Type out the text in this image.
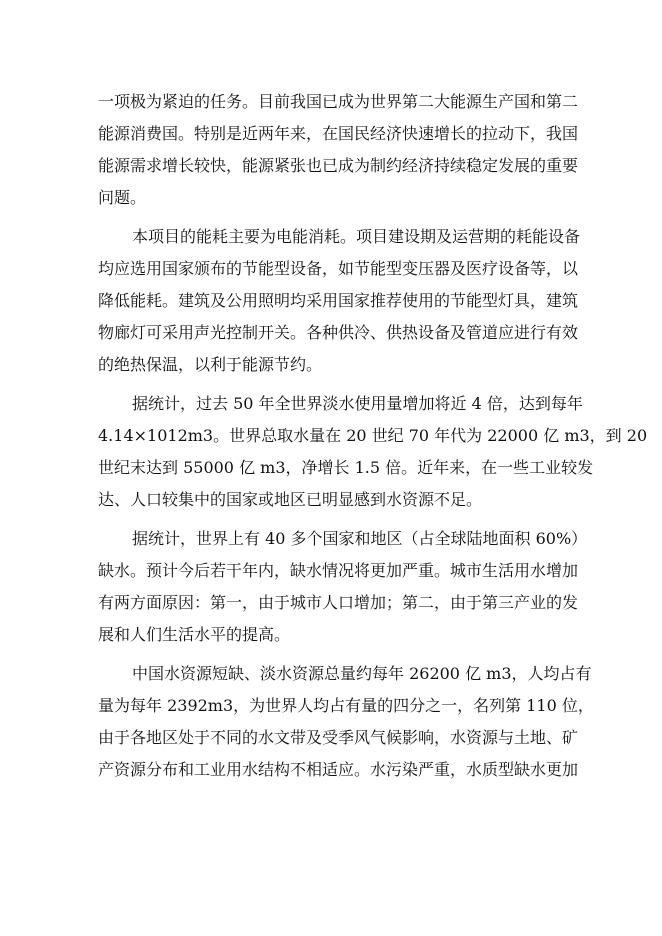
一项极为紧迫的任务。目前我国已成为世界第二大能源生产国和第二
能源消费国。特别是近两年来，在国民经济快速增长的拉动下，我国
能源需求增长较快，能源紧张也已成为制约经济持续稳定发展的重要
问题。
本项目的能耗主要为电能消耗。项目建设期及运营期的耗能设备
均应选用国家颁布的节能型设备，如节能型变压器及医疗设备等，以
降低能耗。建筑及公用照明均采用国家推荐使用的节能型灯具，建筑
物廊灯可采用声光控制开关。各种供冷、供热设备及管道应进行有效
的绝热保温，以利于能源节约。
据统计，过去 50 年全世界淡水使用量增加将近 4 倍，达到每年
4.14×1012m3。世界总取水量在 20 世纪 70 年代为 22000 亿 m3，到 20
世纪末达到 55000 亿 m3，净增长 1.5 倍。近年来，在一些工业较发
达、人口较集中的国家或地区已明显感到水资源不足。
据统计，世界上有 40 多个国家和地区（占全球陆地面积 60%）
缺水。预计今后若干年内，缺水情况将更加严重。城市生活用水增加
有两方面原因：第一，由于城市人口增加；第二，由于第三产业的发
展和人们生活水平的提高。
中国水资源短缺、淡水资源总量约每年 26200 亿 m3，人均占有
量为每年 2392m3，为世界人均占有量的四分之一，名列第 110 位，
由于各地区处于不同的水文带及受季风气候影响，水资源与土地、矿
产资源分布和工业用水结构不相适应。水污染严重，水质型缺水更加
